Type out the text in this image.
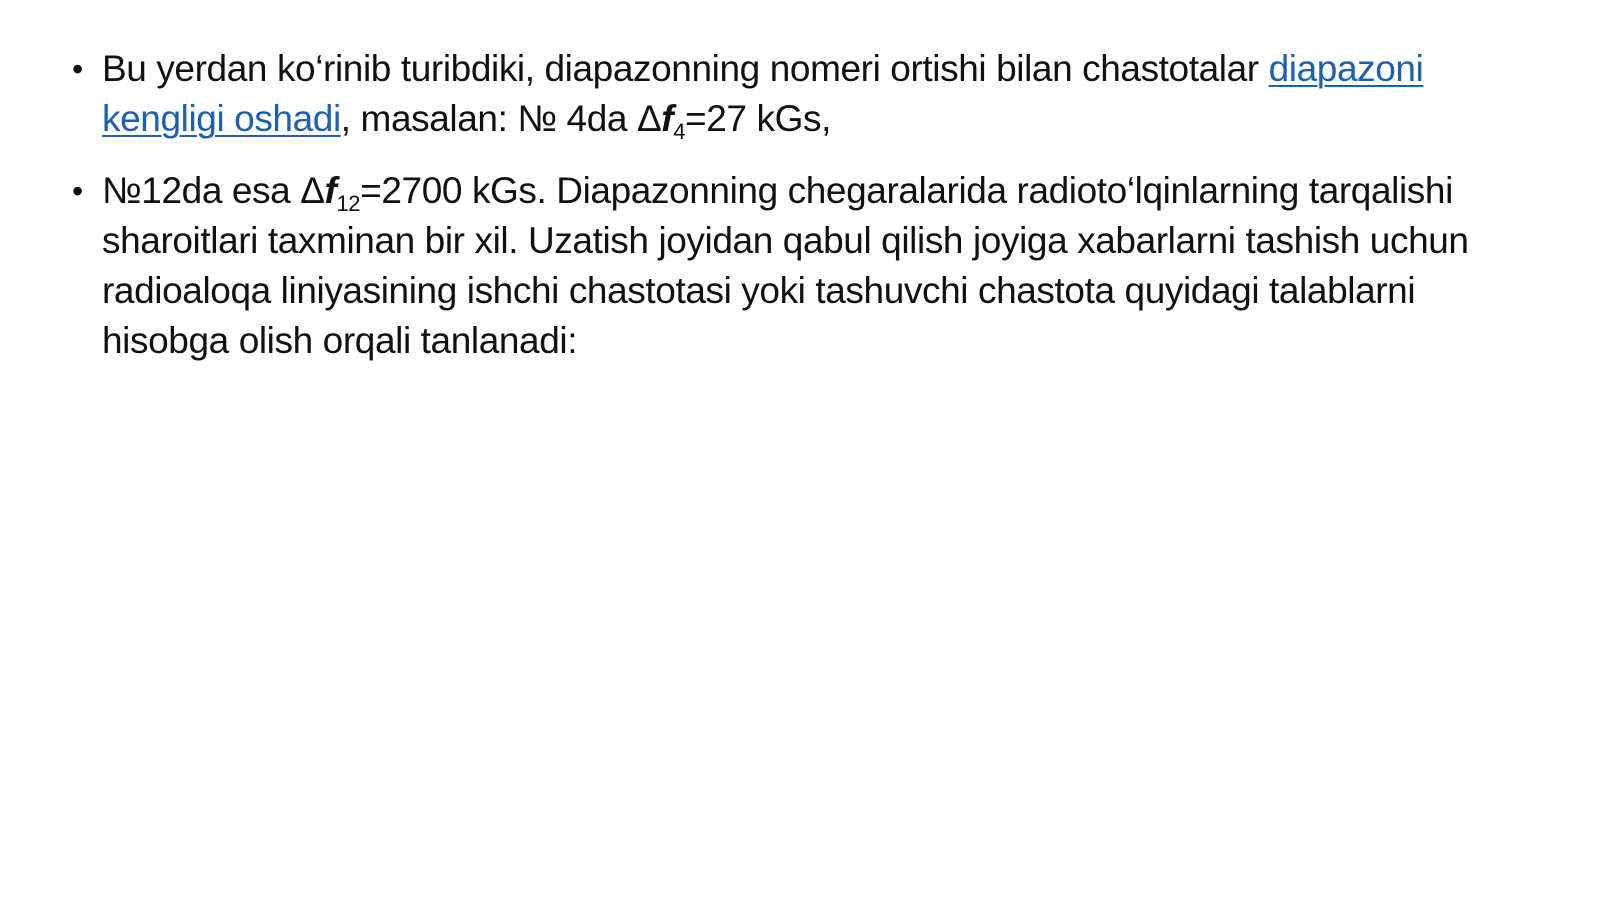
• Bu yerdan ko‘rinib turibdiki, diapazonning nomeri ortishi bilan chastotalar diapazoni kengligi oshadi, masalan: № 4da $\Delta f_4=27$ kGs,
• №12da esa $\Delta f_{12}=2700$ kGs. Diapazonning chegaralarida radioto‘lqinlarning tarqalishi sharoitlari taxminan bir xil. Uzatish joyidan qabul qilish joyiga xabarlarni tashish uchun radioaloqa liniyasining ishchi chastotasi yoki tashuvchi chastota quyidagi talablarni hisobga olish orqali tanlanadi:
